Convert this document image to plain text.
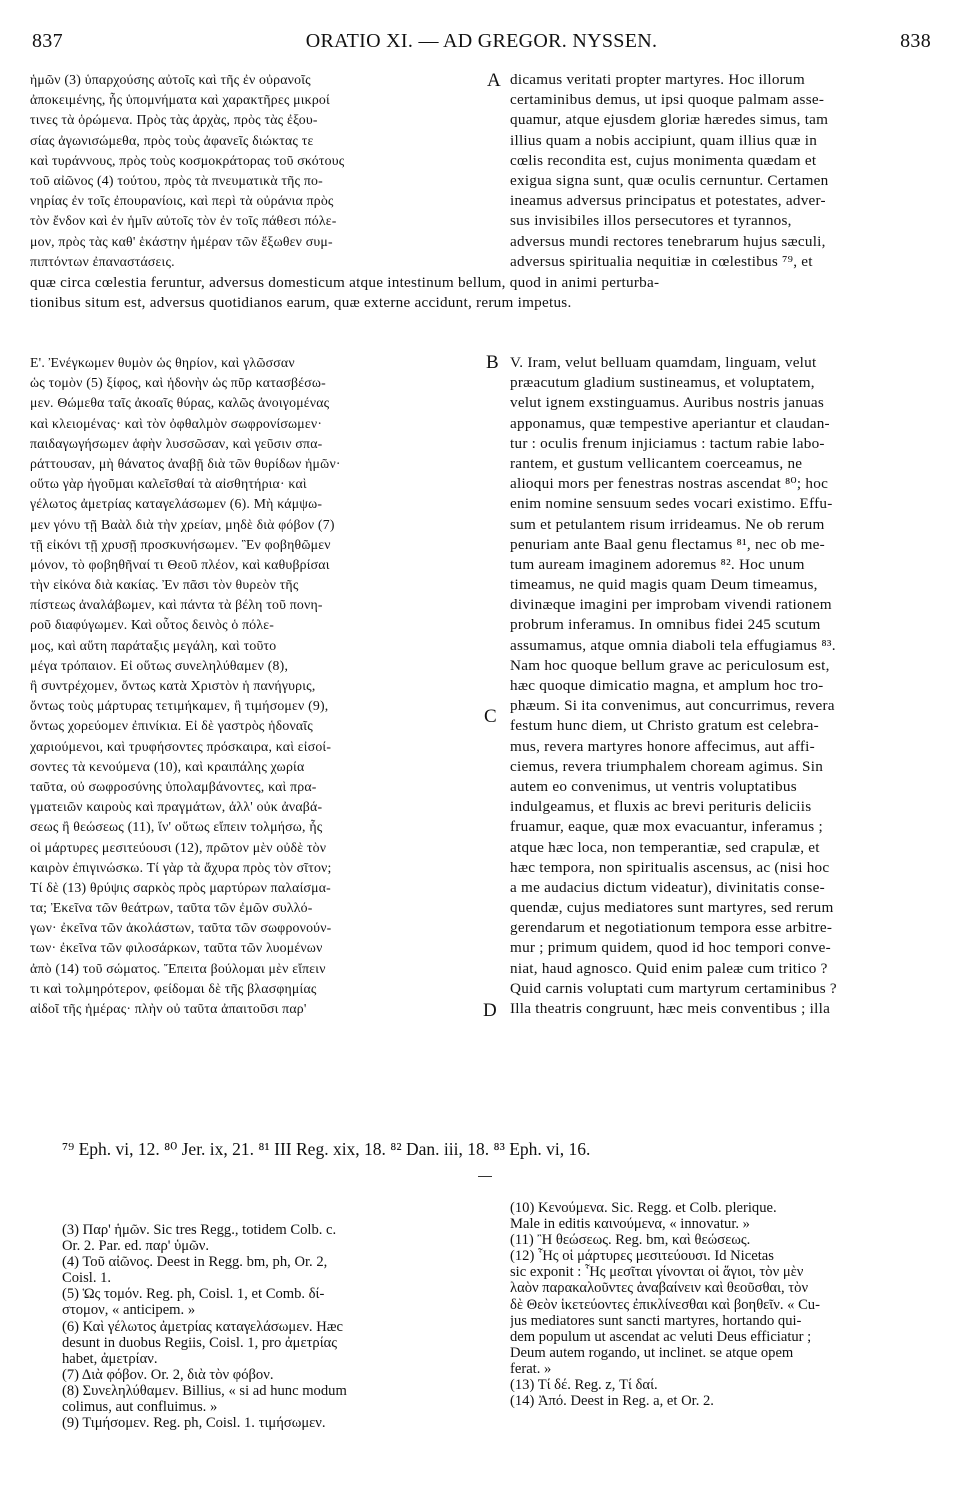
837	ORATIO XI. — AD GREGOR. NYSSEN.	838
ἡμῶν (3) ὑπαρχούσης αὐτοῖς καὶ τῆς ἐν οὐρανοῖς
ἀποκειμένης, ἧς ὑπομνήματα καὶ χαρακτῆρες μικροί
τινες τὰ ὁρώμενα. Πρὸς τὰς ἀρχὰς, πρὸς τὰς ἐξου-
σίας ἀγωνισώμεθα, πρὸς τοὺς ἀφανεῖς διώκτας τε
καὶ τυράννους, πρὸς τοὺς κοσμοκράτορας τοῦ σκότους
τοῦ αἰῶνος (4) τούτου, πρὸς τὰ πνευματικὰ τῆς πο-
νηρίας ἐν τοῖς ἐπουρανίοις, καὶ περὶ τὰ οὐράνια πρὸς
τὸν ἔνδον καὶ ἐν ἡμῖν αὐτοῖς τὸν ἐν τοῖς πάθεσι πόλε-
μον, πρὸς τὰς καθ' ἑκάστην ἡμέραν τῶν ἔξωθεν συμ-
πιπτόντων ἐπαναστάσεις.
dicamus veritati propter martyres. Hoc illorum
certaminibus demus, ut ipsi quoque palmam asse-
quamur, atque ejusdem gloriæ hæredes simus, tam
illius quam a nobis accipiunt, quam illius quæ in
cœlis recondita est, cujus monimenta quædam et
exigua signa sunt, quæ oculis cernuntur. Certamen
ineamus adversus principatus et potestates, adver-
sus invisibiles illos persecutores et tyrannos,
adversus mundi rectores tenebrarum hujus sæculi,
adversus spiritualia nequitiæ in cœlestibus ⁷⁹, et
A
quæ circa cœlestia feruntur, adversus domesticum atque intestinum bellum, quod in animi perturba-
tionibus situm est, adversus quotidianos earum, quæ externe accidunt, rerum impetus.
Ε'. Ἐνέγκωμεν θυμὸν ὡς θηρίον, καὶ γλῶσσαν
ὡς τομὸν (5) ξίφος, καὶ ἡδονὴν ὡς πῦρ κατασβέσω-
μεν. Θώμεθα ταῖς ἀκοαῖς θύρας, καλῶς ἀνοιγομένας
καὶ κλειομένας· καὶ τὸν ὀφθαλμὸν σωφρονίσωμεν·
παιδαγωγήσωμεν ἁφὴν λυσσῶσαν, καὶ γεῦσιν σπα-
ράττουσαν, μὴ θάνατος ἀναβῇ διὰ τῶν θυρίδων ἡμῶν·
οὕτω γὰρ ἡγοῦμαι καλεῖσθαί τὰ αἰσθητήρια· καὶ
γέλωτος ἀμετρίας καταγελάσωμεν (6). Μὴ κάμψω-
μεν γόνυ τῇ Βαὰλ διὰ τὴν χρείαν, μηδὲ διὰ φόβον (7)
τῇ εἰκόνι τῇ χρυσῇ προσκυνήσωμεν. Ἓν φοβηθῶμεν
μόνον, τὸ φοβηθῆναί τι Θεοῦ πλέον, καὶ καθυβρίσαι
τὴν εἰκόνα διὰ κακίας. Ἐν πᾶσι τὸν θυρεὸν τῆς
πίστεως ἀναλάβωμεν, καὶ πάντα τὰ βέλη τοῦ πονη-
ροῦ διαφύγωμεν. Καὶ οὗτος δεινὸς ὁ πόλε-
μος, καὶ αὕτη παράταξις μεγάλη, καὶ τοῦτο
μέγα τρόπαιον. Εἰ οὕτως συνεληλύθαμεν (8),
ἢ συντρέχομεν, ὄντως κατὰ Χριστὸν ἡ πανήγυρις,
ὄντως τοὺς μάρτυρας τετιμήκαμεν, ἢ τιμήσομεν (9),
ὄντως χορεύομεν ἐπινίκια. Εἰ δὲ γαστρὸς ἡδοναῖς
χαριούμενοι, καὶ τρυφήσοντες πρόσκαιρα, καὶ εἰσοί-
σοντες τὰ κενούμενα (10), καὶ κραιπάλης χωρία
ταῦτα, οὐ σωφροσύνης ὑπολαμβάνοντες, καὶ πρα-
γματειῶν καιροὺς καὶ πραγμάτων, ἀλλ' οὐκ ἀναβά-
σεως ἢ θεώσεως (11), ἵν' οὕτως εἴπειν τολμήσω, ἧς
οἱ μάρτυρες μεσιτεύουσι (12), πρῶτον μὲν οὐδὲ τὸν
καιρὸν ἐπιγινώσκω. Τί γὰρ τὰ ἄχυρα πρὸς τὸν σῖτον;
Τί δὲ (13) θρύψις σαρκὸς πρὸς μαρτύρων παλαίσμα-
τα; Ἐκεῖνα τῶν θεάτρων, ταῦτα τῶν ἐμῶν συλλό-
γων· ἐκεῖνα τῶν ἀκολάστων, ταῦτα τῶν σωφρονούν-
των· ἐκεῖνα τῶν φιλοσάρκων, ταῦτα τῶν λυομένων
ἀπὸ (14) τοῦ σώματος. Ἔπειτα βούλομαι μὲν εἴπειν
τι καὶ τολμηρότερον, φείδομαι δὲ τῆς βλασφημίας
αἰδοῖ τῆς ἡμέρας· πλὴν οὐ ταῦτα ἀπαιτοῦσι παρ'
V. Iram, velut belluam quamdam, linguam, velut
præacutum gladium sustineamus, et voluptatem,
velut ignem exstinguamus. Auribus nostris januas
apponamus, quæ tempestive aperiantur et claudan-
tur : oculis frenum injiciamus : tactum rabie labo-
rantem, et gustum vellicantem coerceamus, ne
alioqui mors per fenestras nostras ascendat ⁸⁰; hoc
enim nomine sensuum sedes vocari existimo. Effu-
sum et petulantem risum irrideamus. Ne ob rerum
penuriam ante Baal genu flectamus ⁸¹, nec ob me-
tum auream imaginem adoremus ⁸². Hoc unum
timeamus, ne quid magis quam Deum timeamus,
divinæque imagini per improbam vivendi rationem
probrum inferamus. In omnibus fidei 245 scutum
assumamus, atque omnia diaboli tela effugiamus ⁸³.
Nam hoc quoque bellum grave ac periculosum est,
hæc quoque dimicatio magna, et amplum hoc tro-
phæum. Si ita convenimus, aut concurrimus, revera
festum hunc diem, ut Christo gratum est celebra-
mus, revera martyres honore affecimus, aut affi-
ciemus, revera triumphalem choream agimus. Sin
autem eo convenimus, ut ventris voluptatibus
indulgeamus, et fluxis ac brevi perituris deliciis
fruamur, eaque, quæ mox evacuantur, inferamus ;
atque hæc loca, non temperantiæ, sed crapulæ, et
hæc tempora, non spiritualis ascensus, ac (nisi hoc
a me audacius dictum videatur), divinitatis conse-
quendæ, cujus mediatores sunt martyres, sed rerum
gerendarum et negotiationum tempora esse arbitre-
mur ; primum quidem, quod id hoc tempori conve-
niat, haud agnosco. Quid enim paleæ cum tritico ?
Quid carnis voluptati cum martyrum certaminibus ?
Illa theatris congruunt, hæc meis conventibus ; illa
B
C
D
⁷⁹ Eph. vi, 12. ⁸⁰ Jer. ix, 21. ⁸¹ III Reg. xix, 18. ⁸² Dan. iii, 18. ⁸³ Eph. vi, 16.
(3) Παρ' ἡμῶν. Sic tres Regg., totidem Colb. c.
Or. 2. Par. ed. παρ' ὑμῶν.
(4) Τοῦ αἰῶνος. Deest in Regg. bm, ph, Or. 2,
Coisl. 1.
(5) Ὡς τομόν. Reg. ph, Coisl. 1, et Comb. δί-
στομον, « anticipem. »
(6) Καὶ γέλωτος ἀμετρίας καταγελάσωμεν. Hæc
desunt in duobus Regiis, Coisl. 1, pro ἀμετρίας
habet, ἀμετρίαν.
(7) Διὰ φόβον. Or. 2, διὰ τὸν φόβον.
(8) Συνεληλύθαμεν. Billius, « si ad hunc modum
colimus, aut confluimus. »
(9) Τιμήσομεν. Reg. ph, Coisl. 1. τιμήσωμεν.
(10) Κενούμενα. Sic. Regg. et Colb. plerique.
Male in editis καινούμενα, « innovatur. »
(11) Ἢ θεώσεως. Reg. bm, καὶ θεώσεως.
(12) Ἧς οἱ μάρτυρες μεσιτεύουσι. Id Nicetas
sic exponit : Ἧς μεσῖται γίνονται οἱ ἅγιοι, τὸν μὲν
λαὸν παρακαλοῦντες ἀναβαίνειν καὶ θεοῦσθαι, τὸν
δὲ Θεὸν ἱκετεύοντες ἐπικλίνεσθαι καὶ βοηθεῖν. « Cu-
jus mediatores sunt sancti martyres, hortando qui-
dem populum ut ascendat ac veluti Deus efficiatur ;
Deum autem rogando, ut inclinet. se atque opem
ferat. »
(13) Τί δέ. Reg. z, Τί δαί.
(14) Ἀπό. Deest in Reg. a, et Or. 2.
